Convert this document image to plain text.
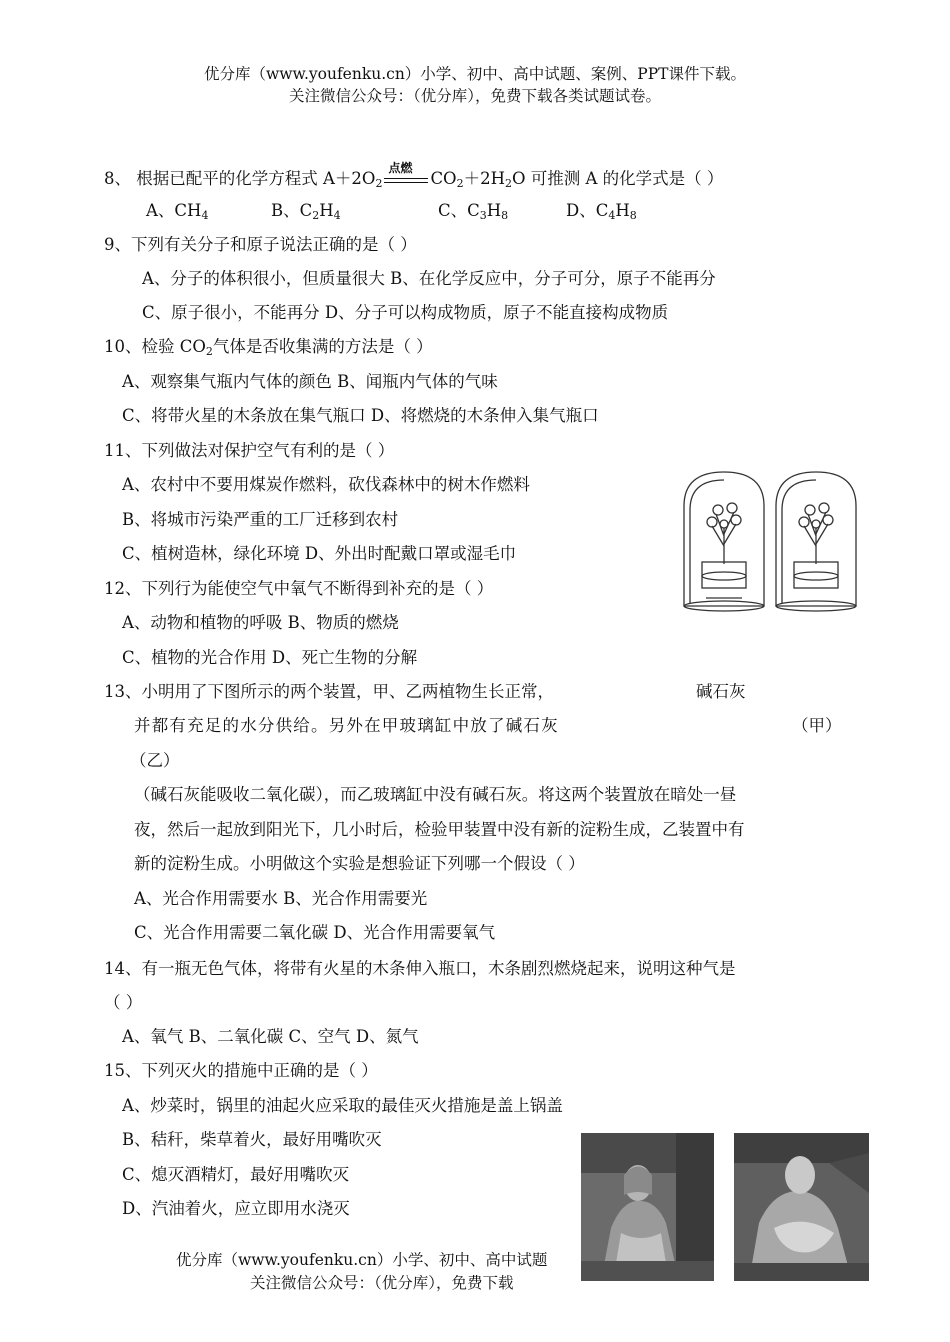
优分库（www.youfenku.cn）小学、初中、高中试题、案例、PPT课件下载。
关注微信公众号：（优分库），免费下载各类试题试卷。
8、 根据已配平的化学方程式 $A+2O_2$
点燃
$CO_2+2H_2O$ 可推测 A 的化学式是（ ）
A、$CH_4$	B、$C_2H_4$	C、$C_3H_8$	D、$C_4H_8$
9、下列有关分子和原子说法正确的是（ ）
A、分子的体积很小，但质量很大 B、在化学反应中，分子可分，原子不能再分
C、原子很小，不能再分 D、分子可以构成物质，原子不能直接构成物质
10、检验 $CO_2$气体是否收集满的方法是（ ）
A、观察集气瓶内气体的颜色 B、闻瓶内气体的气味
C、将带火星的木条放在集气瓶口 D、将燃烧的木条伸入集气瓶口
11、下列做法对保护空气有利的是（ ）
A、农村中不要用煤炭作燃料，砍伐森林中的树木作燃料
B、将城市污染严重的工厂迁移到农村
C、植树造林，绿化环境 D、外出时配戴口罩或湿毛巾
12、下列行为能使空气中氧气不断得到补充的是（ ）
A、动物和植物的呼吸 B、物质的燃烧
C、植物的光合作用 D、死亡生物的分解
13、小明用了下图所示的两个装置，甲、乙两植物生长正常，	碱石灰
并都有充足的水分供给。另外在甲玻璃缸中放了碱石灰	（甲）
（乙）
（碱石灰能吸收二氧化碳），而乙玻璃缸中没有碱石灰。将这两个装置放在暗处一昼
夜，然后一起放到阳光下，几小时后，检验甲装置中没有新的淀粉生成，乙装置中有
新的淀粉生成。小明做这个实验是想验证下列哪一个假设（ ）
A、光合作用需要水 B、光合作用需要光
C、光合作用需要二氧化碳 D、光合作用需要氧气
14、有一瓶无色气体，将带有火星的木条伸入瓶口，木条剧烈燃烧起来，说明这种气是
（ ）
A、氧气 B、二氧化碳 C、空气 D、氮气
15、下列灭火的措施中正确的是（ ）
A、炒菜时，锅里的油起火应采取的最佳灭火措施是盖上锅盖
B、秸秆，柴草着火，最好用嘴吹灭
C、熄灭酒精灯，最好用嘴吹灭
D、汽油着火，应立即用水浇灭
优分库（www.youfenku.cn）小学、初中、高中试题
关注微信公众号：（优分库），免费下载
